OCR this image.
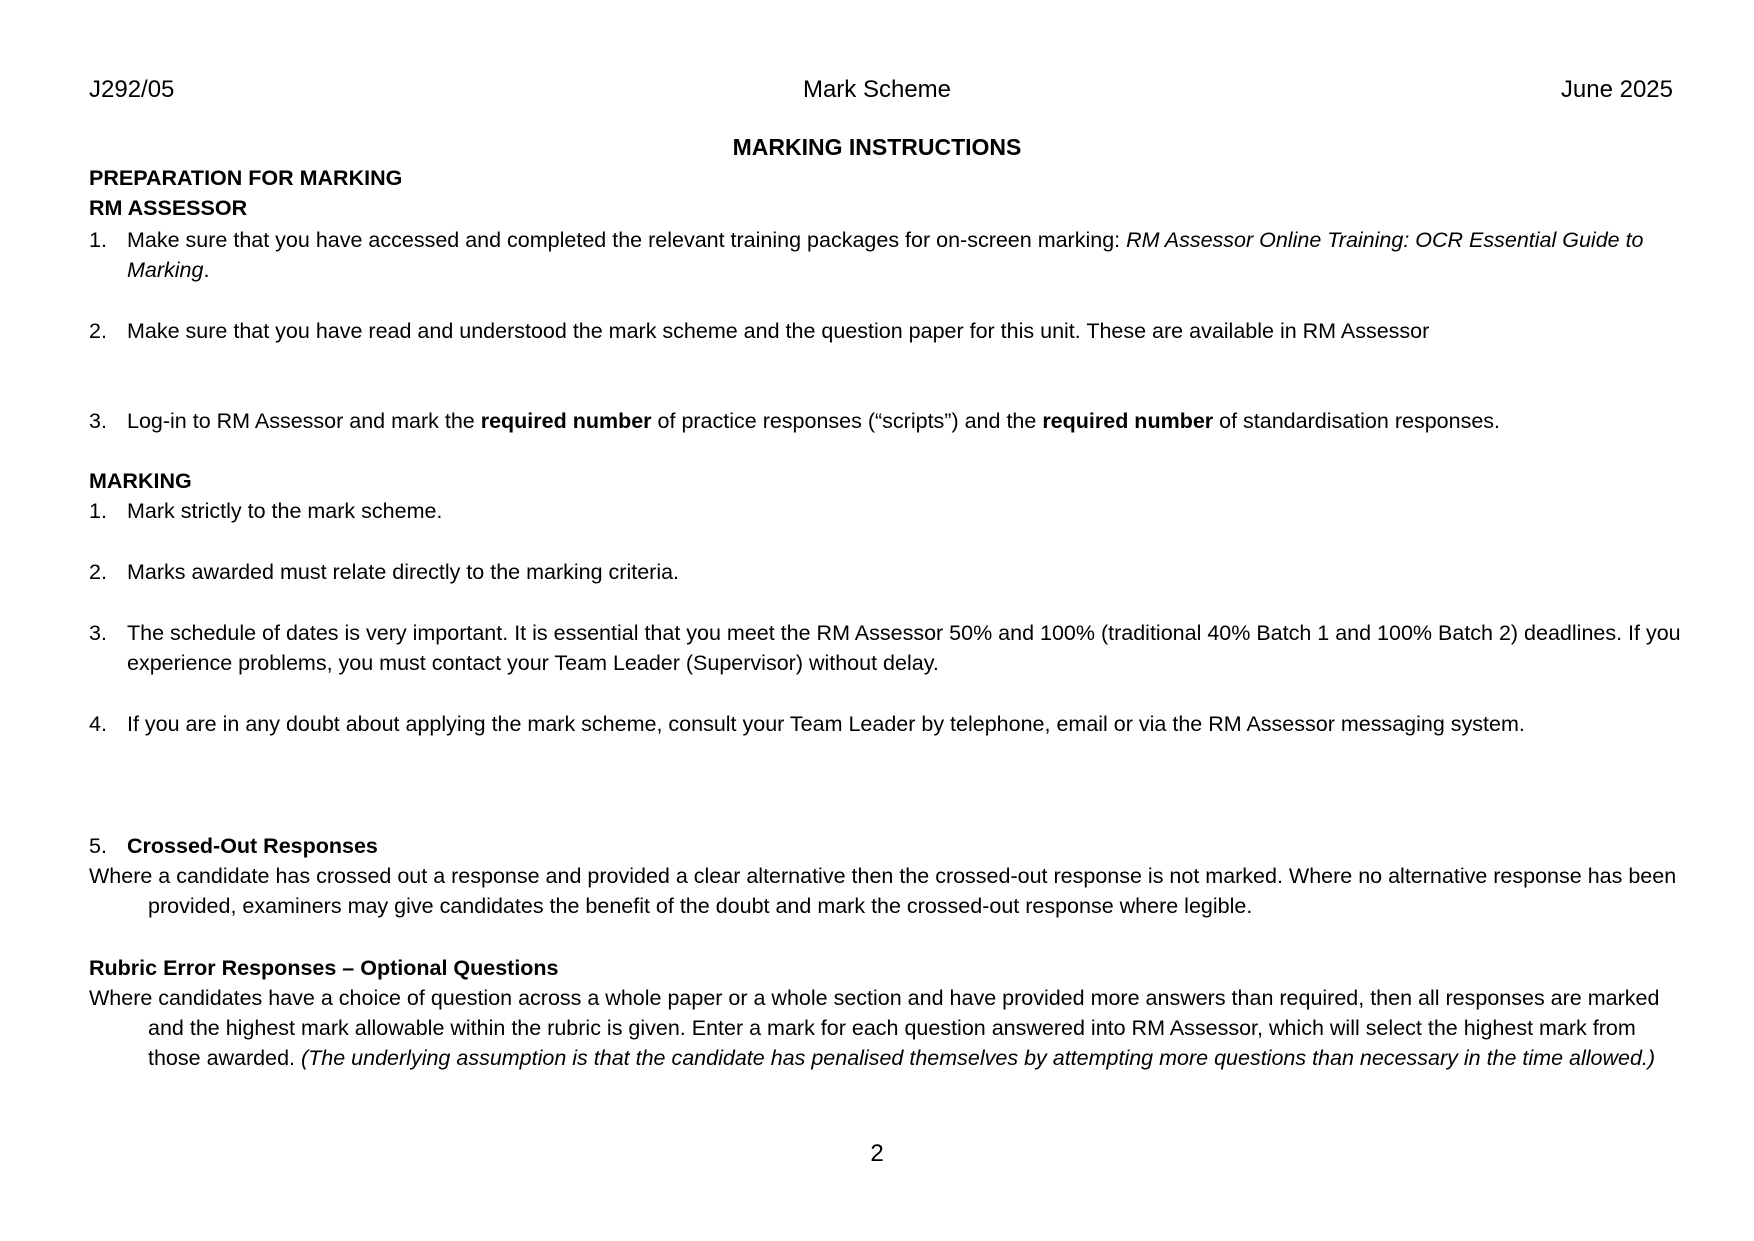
J292/05	Mark Scheme	June 2025
MARKING INSTRUCTIONS
PREPARATION FOR MARKING
RM ASSESSOR
1. Make sure that you have accessed and completed the relevant training packages for on-screen marking: RM Assessor Online Training: OCR Essential Guide to Marking.
2. Make sure that you have read and understood the mark scheme and the question paper for this unit. These are available in RM Assessor
3. Log-in to RM Assessor and mark the required number of practice responses (“scripts”) and the required number of standardisation responses.
MARKING
1. Mark strictly to the mark scheme.
2. Marks awarded must relate directly to the marking criteria.
3. The schedule of dates is very important. It is essential that you meet the RM Assessor 50% and 100% (traditional 40% Batch 1 and 100% Batch 2) deadlines. If you experience problems, you must contact your Team Leader (Supervisor) without delay.
4. If you are in any doubt about applying the mark scheme, consult your Team Leader by telephone, email or via the RM Assessor messaging system.
5. Crossed-Out Responses
Where a candidate has crossed out a response and provided a clear alternative then the crossed-out response is not marked. Where no alternative response has been provided, examiners may give candidates the benefit of the doubt and mark the crossed-out response where legible.
Rubric Error Responses – Optional Questions
Where candidates have a choice of question across a whole paper or a whole section and have provided more answers than required, then all responses are marked and the highest mark allowable within the rubric is given. Enter a mark for each question answered into RM Assessor, which will select the highest mark from those awarded. (The underlying assumption is that the candidate has penalised themselves by attempting more questions than necessary in the time allowed.)
2
